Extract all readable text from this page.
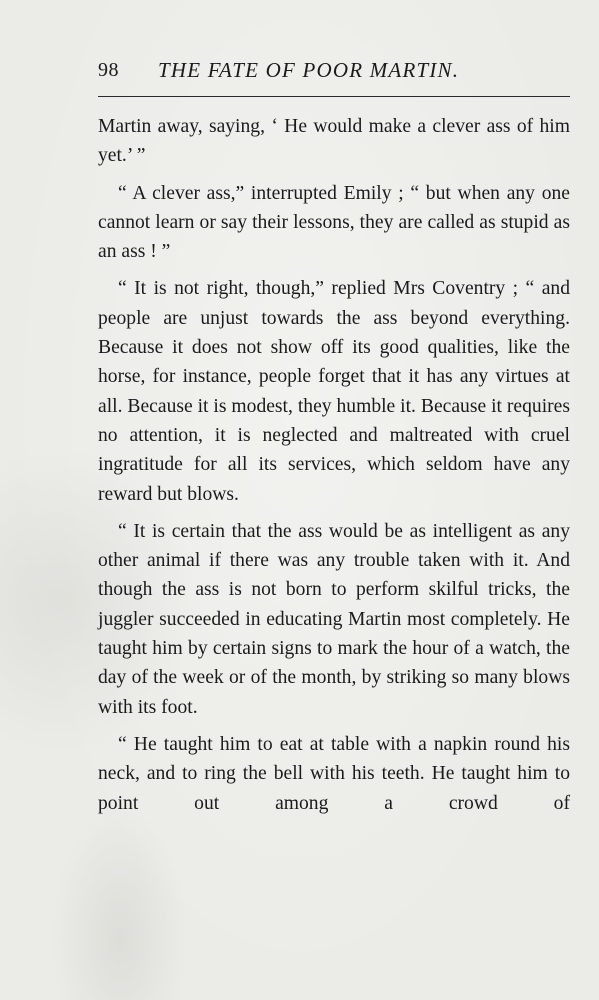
98 THE FATE OF POOR MARTIN.

Martin away, saying, ‘ He would make a clever ass of him yet.’ ”

“ A clever ass,” interrupted Emily ; “ but when any one cannot learn or say their lessons, they are called as stupid as an ass ! ”

“ It is not right, though,” replied Mrs Coventry ; “ and people are unjust towards the ass beyond everything. Because it does not show off its good qualities, like the horse, for instance, people forget that it has any virtues at all. Because it is modest, they humble it. Because it requires no attention, it is neglected and maltreated with cruel ingratitude for all its services, which seldom have any reward but blows.

“ It is certain that the ass would be as intelligent as any other animal if there was any trouble taken with it. And though the ass is not born to perform skilful tricks, the juggler succeeded in educating Martin most completely. He taught him by certain signs to mark the hour of a watch, the day of the week or of the month, by striking so many blows with its foot.

“ He taught him to eat at table with a napkin round his neck, and to ring the bell with his teeth. He taught him to point out among a crowd of
